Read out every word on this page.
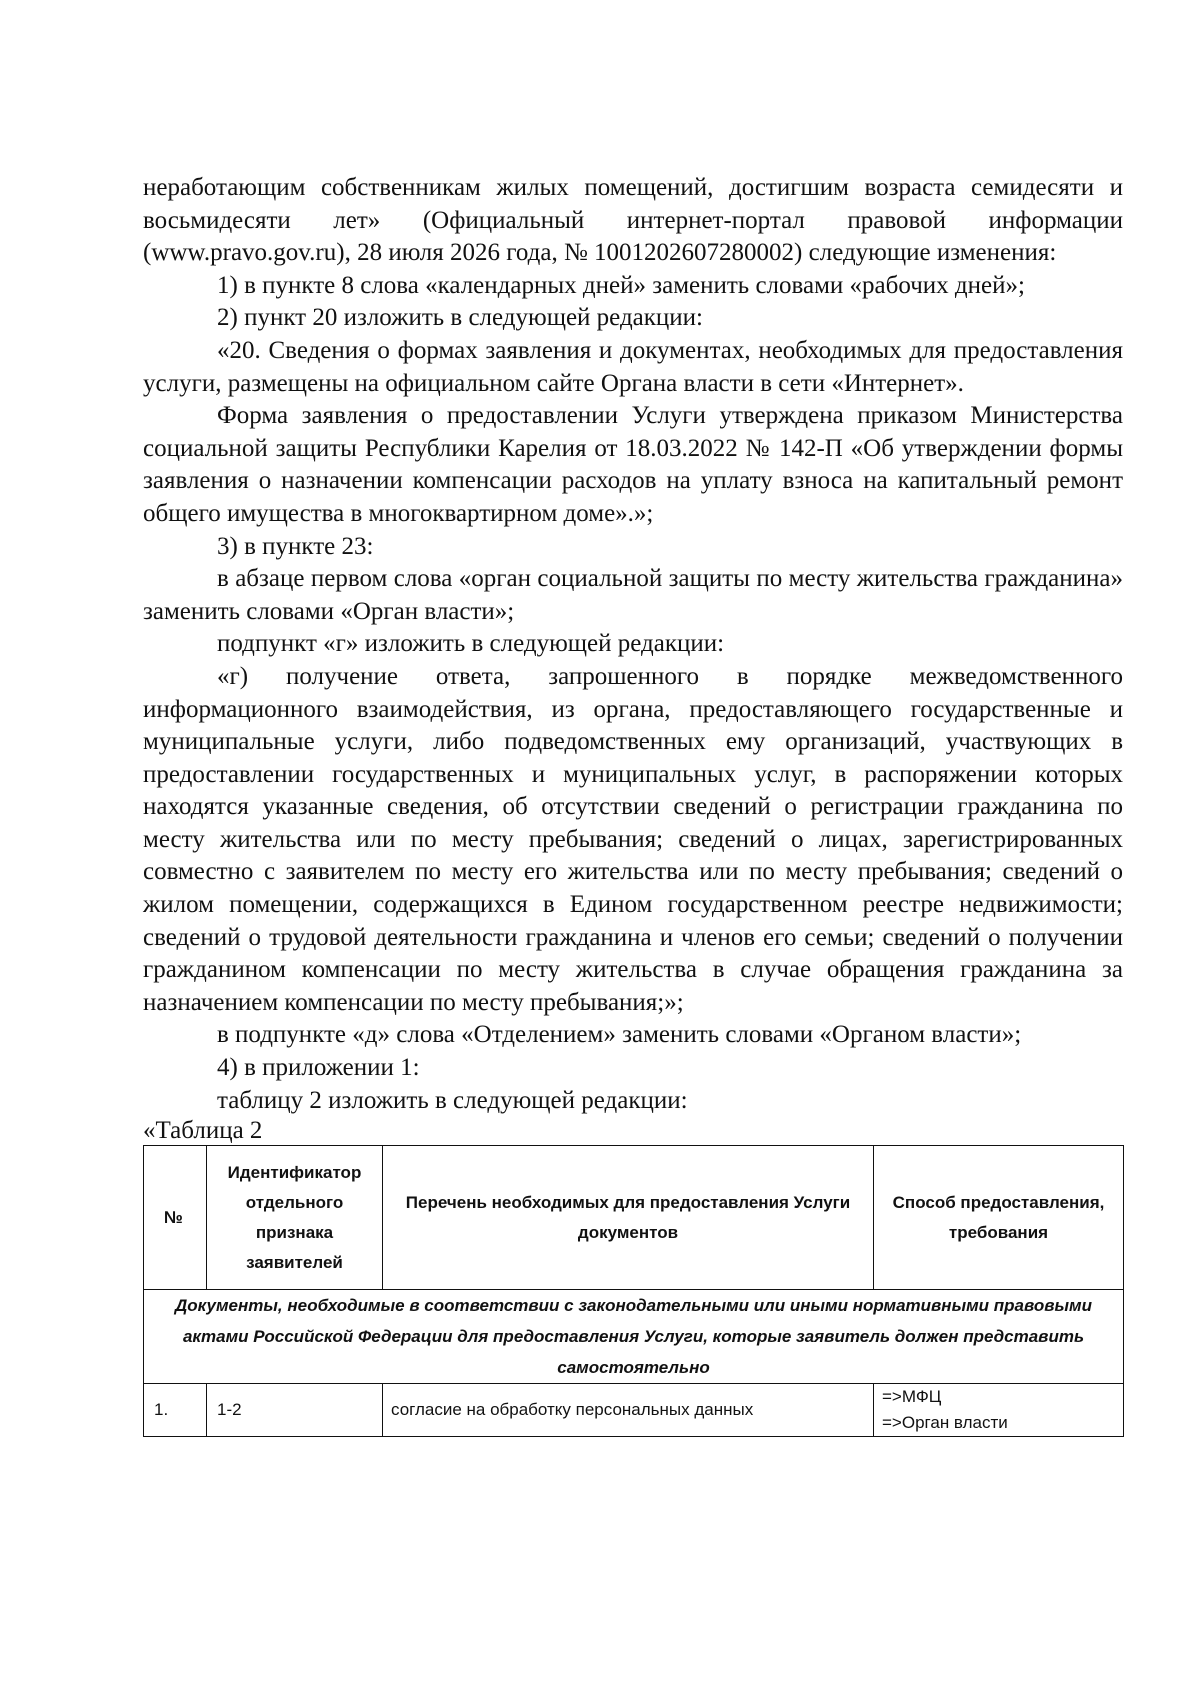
неработающим собственникам жилых помещений, достигшим возраста семидесяти и восьмидесяти лет» (Официальный интернет-портал правовой информации (www.pravo.gov.ru), 28 июля 2026 года, № 1001202607280002) следующие изменения:

1) в пункте 8 слова «календарных дней» заменить словами «рабочих дней»;

2) пункт 20 изложить в следующей редакции:

«20. Сведения о формах заявления и документах, необходимых для предоставления услуги, размещены на официальном сайте Органа власти в сети «Интернет».

Форма заявления о предоставлении Услуги утверждена приказом Министерства социальной защиты Республики Карелия от 18.03.2022 № 142-П «Об утверждении формы заявления о назначении компенсации расходов на уплату взноса на капитальный ремонт общего имущества в многоквартирном доме».»;

3) в пункте 23:

в абзаце первом слова «орган социальной защиты по месту жительства гражданина» заменить словами «Орган власти»;

подпункт «г» изложить в следующей редакции:

«г) получение ответа, запрошенного в порядке межведомственного информационного взаимодействия, из органа, предоставляющего государственные и муниципальные услуги, либо подведомственных ему организаций, участвующих в предоставлении государственных и муниципальных услуг, в распоряжении которых находятся указанные сведения, об отсутствии сведений о регистрации гражданина по месту жительства или по месту пребывания; сведений о лицах, зарегистрированных совместно с заявителем по месту его жительства или по месту пребывания; сведений о жилом помещении, содержащихся в Едином государственном реестре недвижимости; сведений о трудовой деятельности гражданина и членов его семьи; сведений о получении гражданином компенсации по месту жительства в случае обращения гражданина за назначением компенсации по месту пребывания;»;

в подпункте «д» слова «Отделением» заменить словами «Органом власти»;

4) в приложении 1:

таблицу 2 изложить в следующей редакции:

«Таблица 2

№	Идентификатор отдельного признака заявителей	Перечень необходимых для предоставления Услуги документов	Способ предоставления, требования
Документы, необходимые в соответствии с законодательными или иными нормативными правовыми актами Российской Федерации для предоставления Услуги, которые заявитель должен представить самостоятельно			
1.	1-2	согласие на обработку персональных данных	=>МФЦ
=>Орган власти
